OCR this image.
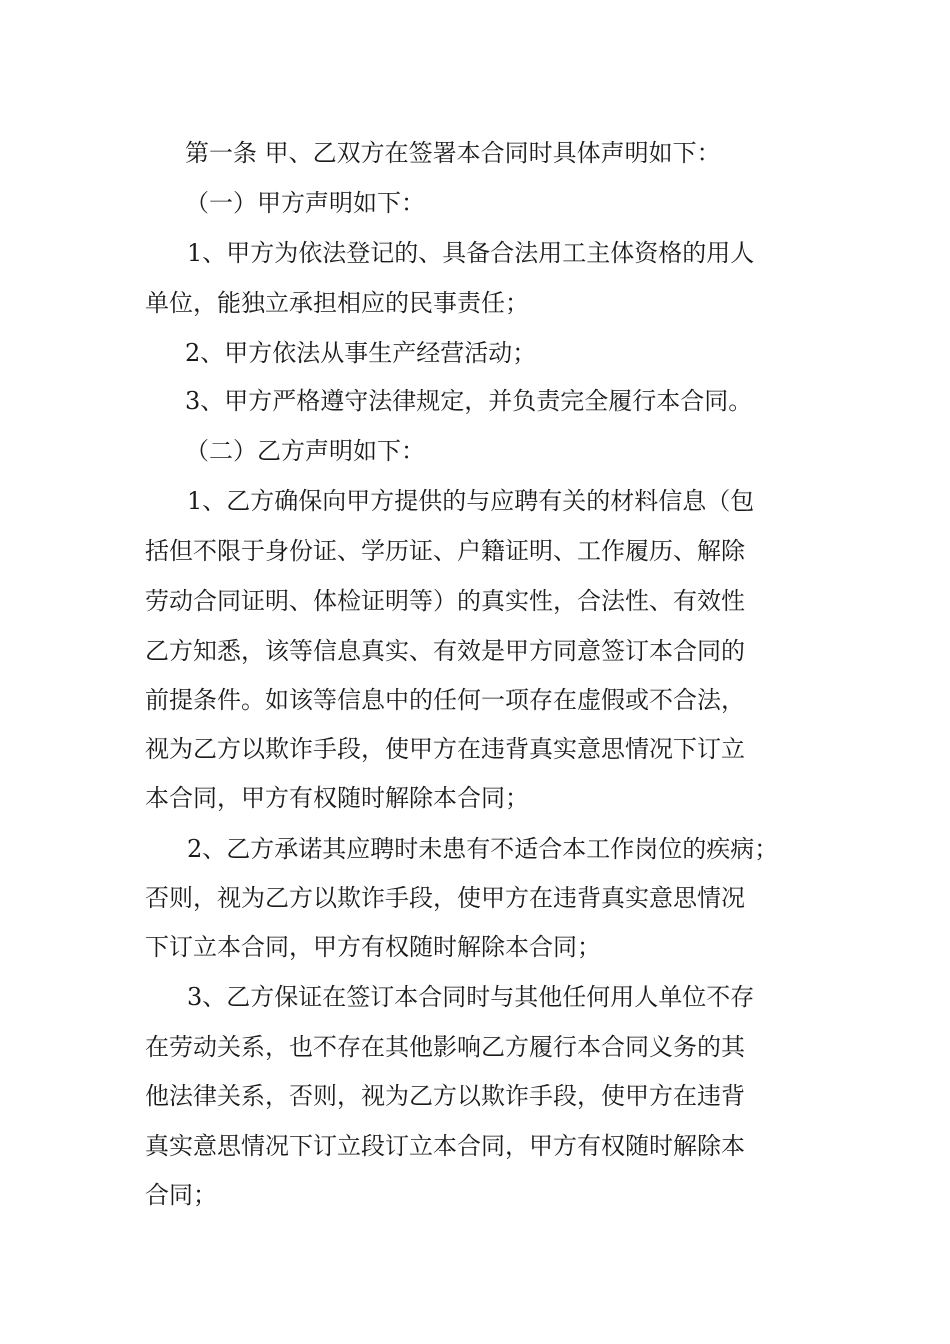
第一条 甲、乙双方在签署本合同时具体声明如下：
（一）甲方声明如下：
1、甲方为依法登记的、具备合法用工主体资格的用人
单位，能独立承担相应的民事责任；
2、甲方依法从事生产经营活动；
3、甲方严格遵守法律规定，并负责完全履行本合同。
（二）乙方声明如下：
1、乙方确保向甲方提供的与应聘有关的材料信息（包
括但不限于身份证、学历证、户籍证明、工作履历、解除
劳动合同证明、体检证明等）的真实性，合法性、有效性
乙方知悉，该等信息真实、有效是甲方同意签订本合同的
前提条件。如该等信息中的任何一项存在虚假或不合法，
视为乙方以欺诈手段，使甲方在违背真实意思情况下订立
本合同，甲方有权随时解除本合同；
2、乙方承诺其应聘时未患有不适合本工作岗位的疾病；
否则，视为乙方以欺诈手段，使甲方在违背真实意思情况
下订立本合同，甲方有权随时解除本合同；
3、乙方保证在签订本合同时与其他任何用人单位不存
在劳动关系，也不存在其他影响乙方履行本合同义务的其
他法律关系，否则，视为乙方以欺诈手段，使甲方在违背
真实意思情况下订立段订立本合同，甲方有权随时解除本
合同；
